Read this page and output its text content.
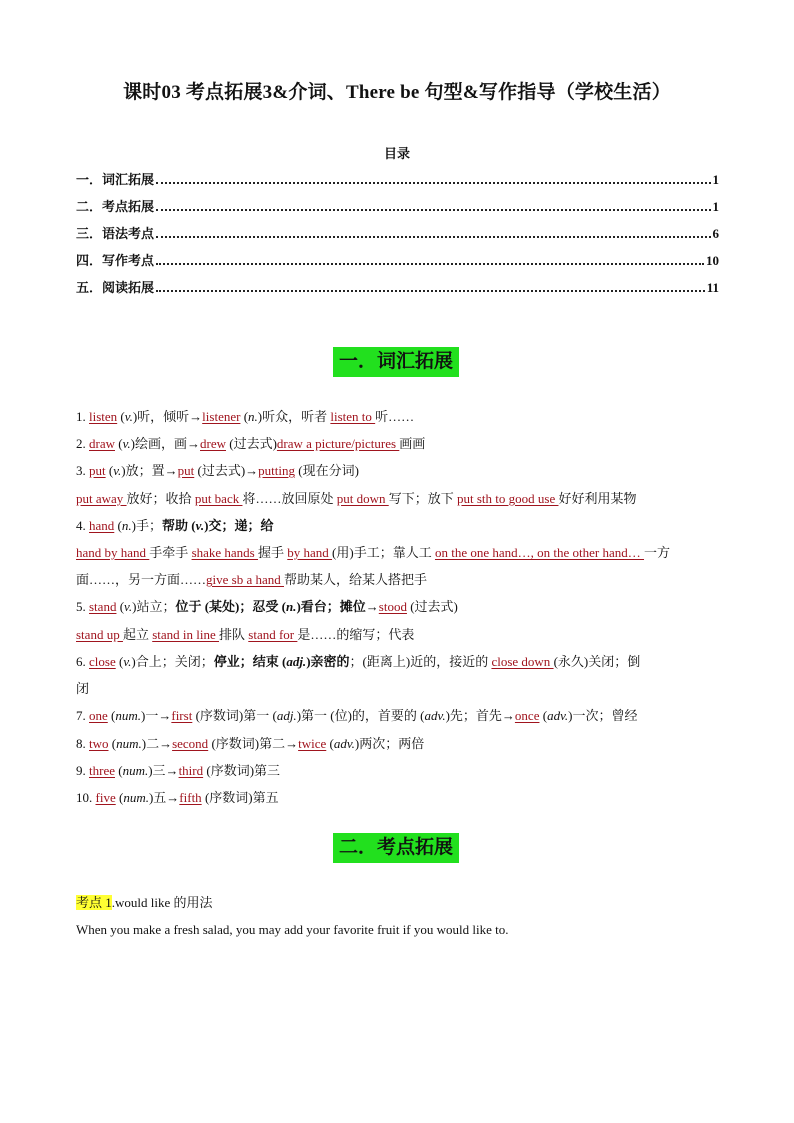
课时03 考点拓展3&介词、There be 句型&写作指导（学校生活）
目录
一．词汇拓展	1
二．考点拓展	1
三．语法考点	6
四．写作考点	10
五．阅读拓展	11
一．词汇拓展
1. listen (v.)听，倾听→listener (n.)听众，听者 listen to 听……
2. draw (v.)绘画，画→drew (过去式)draw a picture/pictures 画画
3. put (v.)放；置→put (过去式)→putting (现在分词)
put away 放好；收拾 put back 将……放回原处 put down 写下；放下 put sth to good use 好好利用某物
4. hand (n.)手；帮助 (v.)交；递；给
hand by hand 手牵手 shake hands 握手 by hand (用)手工；靠人工 on the one hand…, on the other hand… 一方
面……，另一方面……give sb a hand 帮助某人，给某人搭把手
5. stand (v.)站立；位于 (某处)；忍受 (n.)看台；摊位→stood (过去式)
stand up 起立 stand in line 排队 stand for 是……的缩写；代表
6. close (v.)合上；关闭；停业；结束 (adj.)亲密的；(距离上)近的，接近的 close down (永久)关闭；倒
闭
7. one (num.)一→first (序数词)第一 (adj.)第一 (位)的，首要的 (adv.)先；首先→once (adv.)一次；曾经
8. two (num.)二→second (序数词)第二→twice (adv.)两次；两倍
9. three (num.)三→third (序数词)第三
10. five (num.)五→fifth (序数词)第五
二．考点拓展
考点 1.would like 的用法
When you make a fresh salad, you may add your favorite fruit if you would like to.
